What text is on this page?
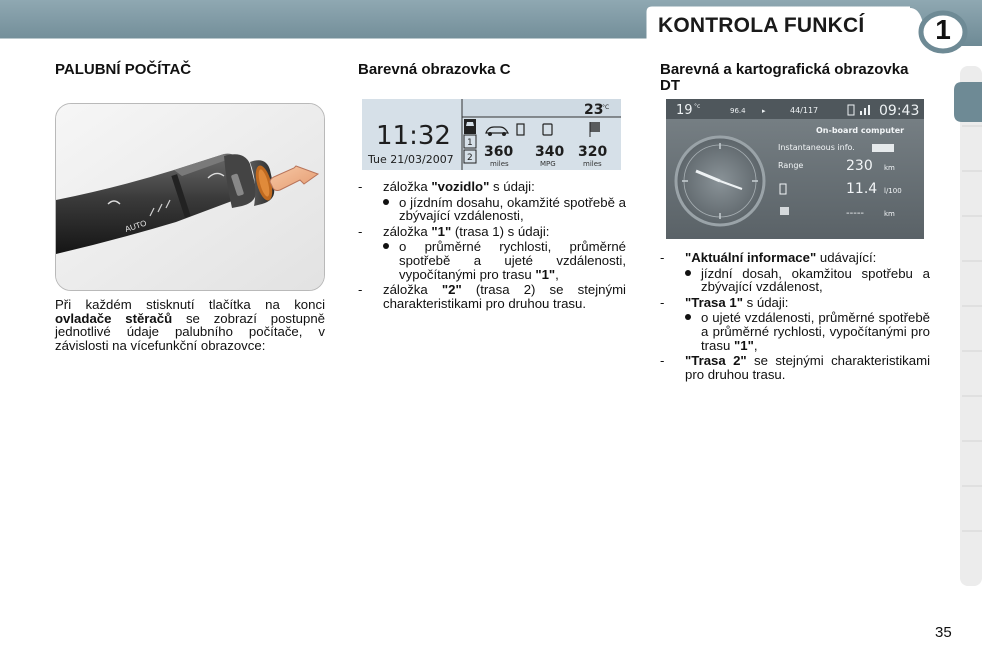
KONTROLA FUNKCÍ	1
PALUBNÍ POČÍTAČ
AUTO
Při každém stisknutí tlačítka na konci ovladače stěračů se zobrazí postupně jednotlivé údaje palubního počítače, v závislosti na vícefunkční obrazovce:
Barevná obrazovka C
23
°C
11:32
Tue 21/03/2007
1
2 360 340 320
miles	MPG	miles
- záložka "vozidlo" s údaji:
o jízdním dosahu, okamžité spotřebě a zbývající vzdálenosti,
- záložka "1" (trasa 1) s údaji:
o průměrné rychlosti, průměrné spotřebě a ujeté vzdálenosti, vypočítanými pro trasu "1",
- záložka "2" (trasa 2) se stejnými charakteristikami pro druhou trasu.
Barevná a kartografická obrazovka DT
19 °c
96.4 ▸	44/117	09:43
On-board computer
Instantaneous info.
Range	230 km
11.4 l/100
-----	km
- "Aktuální informace" udávající:
jízdní dosah, okamžitou spotřebu a zbývající vzdálenost,
- "Trasa 1" s údaji:
o ujeté vzdálenosti, průměrné spotřebě a průměrné rychlosti, vypočítanými pro trasu "1",
- "Trasa 2" se stejnými charakteristikami pro druhou trasu.
35
